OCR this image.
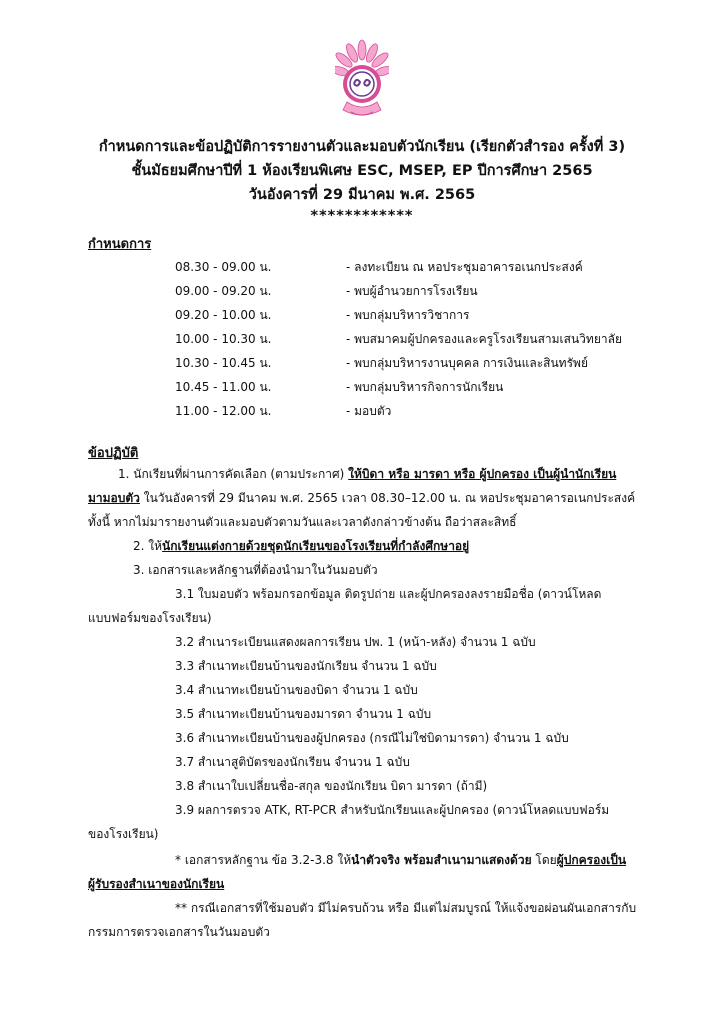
กำหนดการและข้อปฏิบัติการรายงานตัวและมอบตัวนักเรียน (เรียกตัวสำรอง ครั้งที่ 3)
ชั้นมัธยมศึกษาปีที่ 1 ห้องเรียนพิเศษ ESC, MSEP, EP ปีการศึกษา 2565
วันอังคารที่ 29 มีนาคม พ.ศ. 2565
************
กำหนดการ
08.30 - 09.00 น.	- ลงทะเบียน ณ หอประชุมอาคารอเนกประสงค์
09.00 - 09.20 น.	- พบผู้อำนวยการโรงเรียน
09.20 - 10.00 น.	- พบกลุ่มบริหารวิชาการ
10.00 - 10.30 น.	- พบสมาคมผู้ปกครองและครูโรงเรียนสามเสนวิทยาลัย
10.30 - 10.45 น.	- พบกลุ่มบริหารงานบุคคล การเงินและสินทรัพย์
10.45 - 11.00 น.	- พบกลุ่มบริหารกิจการนักเรียน
11.00 - 12.00 น.	- มอบตัว
ข้อปฏิบัติ
1. นักเรียนที่ผ่านการคัดเลือก (ตามประกาศ) ให้บิดา หรือ มารดา หรือ ผู้ปกครอง เป็นผู้นำนักเรียน
มามอบตัว ในวันอังคารที่ 29 มีนาคม พ.ศ. 2565 เวลา 08.30–12.00 น. ณ หอประชุมอาคารอเนกประสงค์
ทั้งนี้ หากไม่มารายงานตัวและมอบตัวตามวันและเวลาดังกล่าวข้างต้น ถือว่าสละสิทธิ์
2. ให้นักเรียนแต่งกายด้วยชุดนักเรียนของโรงเรียนที่กำลังศึกษาอยู่
3. เอกสารและหลักฐานที่ต้องนำมาในวันมอบตัว
3.1 ใบมอบตัว พร้อมกรอกข้อมูล ติดรูปถ่าย และผู้ปกครองลงรายมือชื่อ (ดาวน์โหลด
แบบฟอร์มของโรงเรียน)
3.2 สำเนาระเบียนแสดงผลการเรียน ปพ. 1 (หน้า-หลัง) จำนวน 1 ฉบับ
3.3 สำเนาทะเบียนบ้านของนักเรียน จำนวน 1 ฉบับ
3.4 สำเนาทะเบียนบ้านของบิดา จำนวน 1 ฉบับ
3.5 สำเนาทะเบียนบ้านของมารดา จำนวน 1 ฉบับ
3.6 สำเนาทะเบียนบ้านของผู้ปกครอง (กรณีไม่ใช่บิดามารดา) จำนวน 1 ฉบับ
3.7 สำเนาสูติบัตรของนักเรียน จำนวน 1 ฉบับ
3.8 สำเนาใบเปลี่ยนชื่อ-สกุล ของนักเรียน บิดา มารดา (ถ้ามี)
3.9 ผลการตรวจ ATK, RT-PCR สำหรับนักเรียนและผู้ปกครอง (ดาวน์โหลดแบบฟอร์ม
ของโรงเรียน)
* เอกสารหลักฐาน ข้อ 3.2-3.8 ให้นำตัวจริง พร้อมสำเนามาแสดงด้วย โดยผู้ปกครองเป็น
ผู้รับรองสำเนาของนักเรียน
** กรณีเอกสารที่ใช้มอบตัว มีไม่ครบถ้วน หรือ มีแต่ไม่สมบูรณ์ ให้แจ้งขอผ่อนผันเอกสารกับ
กรรมการตรวจเอกสารในวันมอบตัว
